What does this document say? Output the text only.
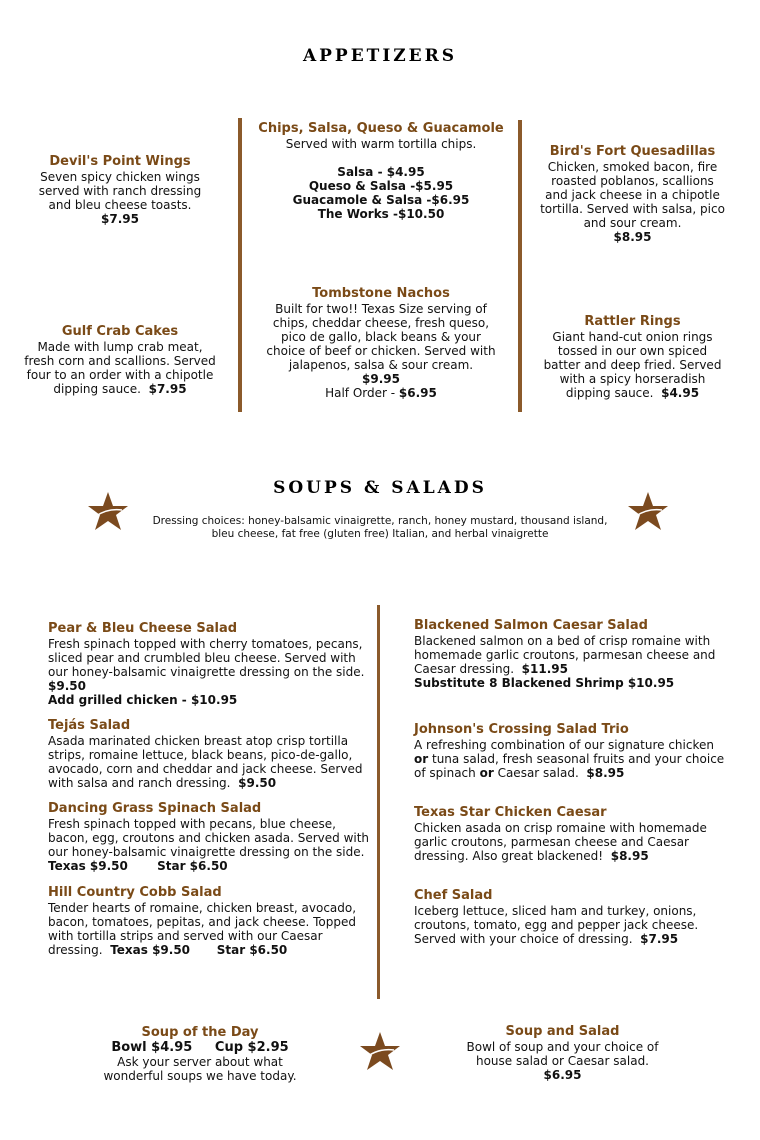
APPETIZERS
Devil's Point Wings
Seven spicy chicken wings
served with ranch dressing
and bleu cheese toasts.
$7.95
Gulf Crab Cakes
Made with lump crab meat,
fresh corn and scallions. Served
four to an order with a chipotle
dipping sauce. $7.95
Chips, Salsa, Queso & Guacamole
Served with warm tortilla chips.
Salsa - $4.95
Queso & Salsa -$5.95
Guacamole & Salsa -$6.95
The Works -$10.50
Tombstone Nachos
Built for two!! Texas Size serving of
chips, cheddar cheese, fresh queso,
pico de gallo, black beans & your
choice of beef or chicken. Served with
jalapenos, salsa & sour cream.
$9.95
Half Order - $6.95
Bird's Fort Quesadillas
Chicken, smoked bacon, fire
roasted poblanos, scallions
and jack cheese in a chipotle
tortilla. Served with salsa, pico
and sour cream.
$8.95
Rattler Rings
Giant hand-cut onion rings
tossed in our own spiced
batter and deep fried. Served
with a spicy horseradish
dipping sauce. $4.95
SOUPS & SALADS
Dressing choices: honey-balsamic vinaigrette, ranch, honey mustard, thousand island,
bleu cheese, fat free (gluten free) Italian, and herbal vinaigrette
Pear & Bleu Cheese Salad
Fresh spinach topped with cherry tomatoes, pecans,
sliced pear and crumbled bleu cheese. Served with
our honey-balsamic vinaigrette dressing on the side.
$9.50
Add grilled chicken - $10.95
Tejás Salad
Asada marinated chicken breast atop crisp tortilla
strips, romaine lettuce, black beans, pico-de-gallo,
avocado, corn and cheddar and jack cheese. Served
with salsa and ranch dressing. $9.50
Dancing Grass Spinach Salad
Fresh spinach topped with pecans, blue cheese,
bacon, egg, croutons and chicken asada. Served with
our honey-balsamic vinaigrette dressing on the side.
Texas $9.50 Star $6.50
Hill Country Cobb Salad
Tender hearts of romaine, chicken breast, avocado,
bacon, tomatoes, pepitas, and jack cheese. Topped
with tortilla strips and served with our Caesar
dressing. Texas $9.50 Star $6.50
Blackened Salmon Caesar Salad
Blackened salmon on a bed of crisp romaine with
homemade garlic croutons, parmesan cheese and
Caesar dressing. $11.95
Substitute 8 Blackened Shrimp $10.95
Johnson's Crossing Salad Trio
A refreshing combination of our signature chicken
or tuna salad, fresh seasonal fruits and your choice
of spinach or Caesar salad. $8.95
Texas Star Chicken Caesar
Chicken asada on crisp romaine with homemade
garlic croutons, parmesan cheese and Caesar
dressing. Also great blackened! $8.95
Chef Salad
Iceberg lettuce, sliced ham and turkey, onions,
croutons, tomato, egg and pepper jack cheese.
Served with your choice of dressing. $7.95
Soup of the Day
Bowl $4.95     Cup $2.95
Ask your server about what
wonderful soups we have today.
Soup and Salad
Bowl of soup and your choice of
house salad or Caesar salad.
$6.95
